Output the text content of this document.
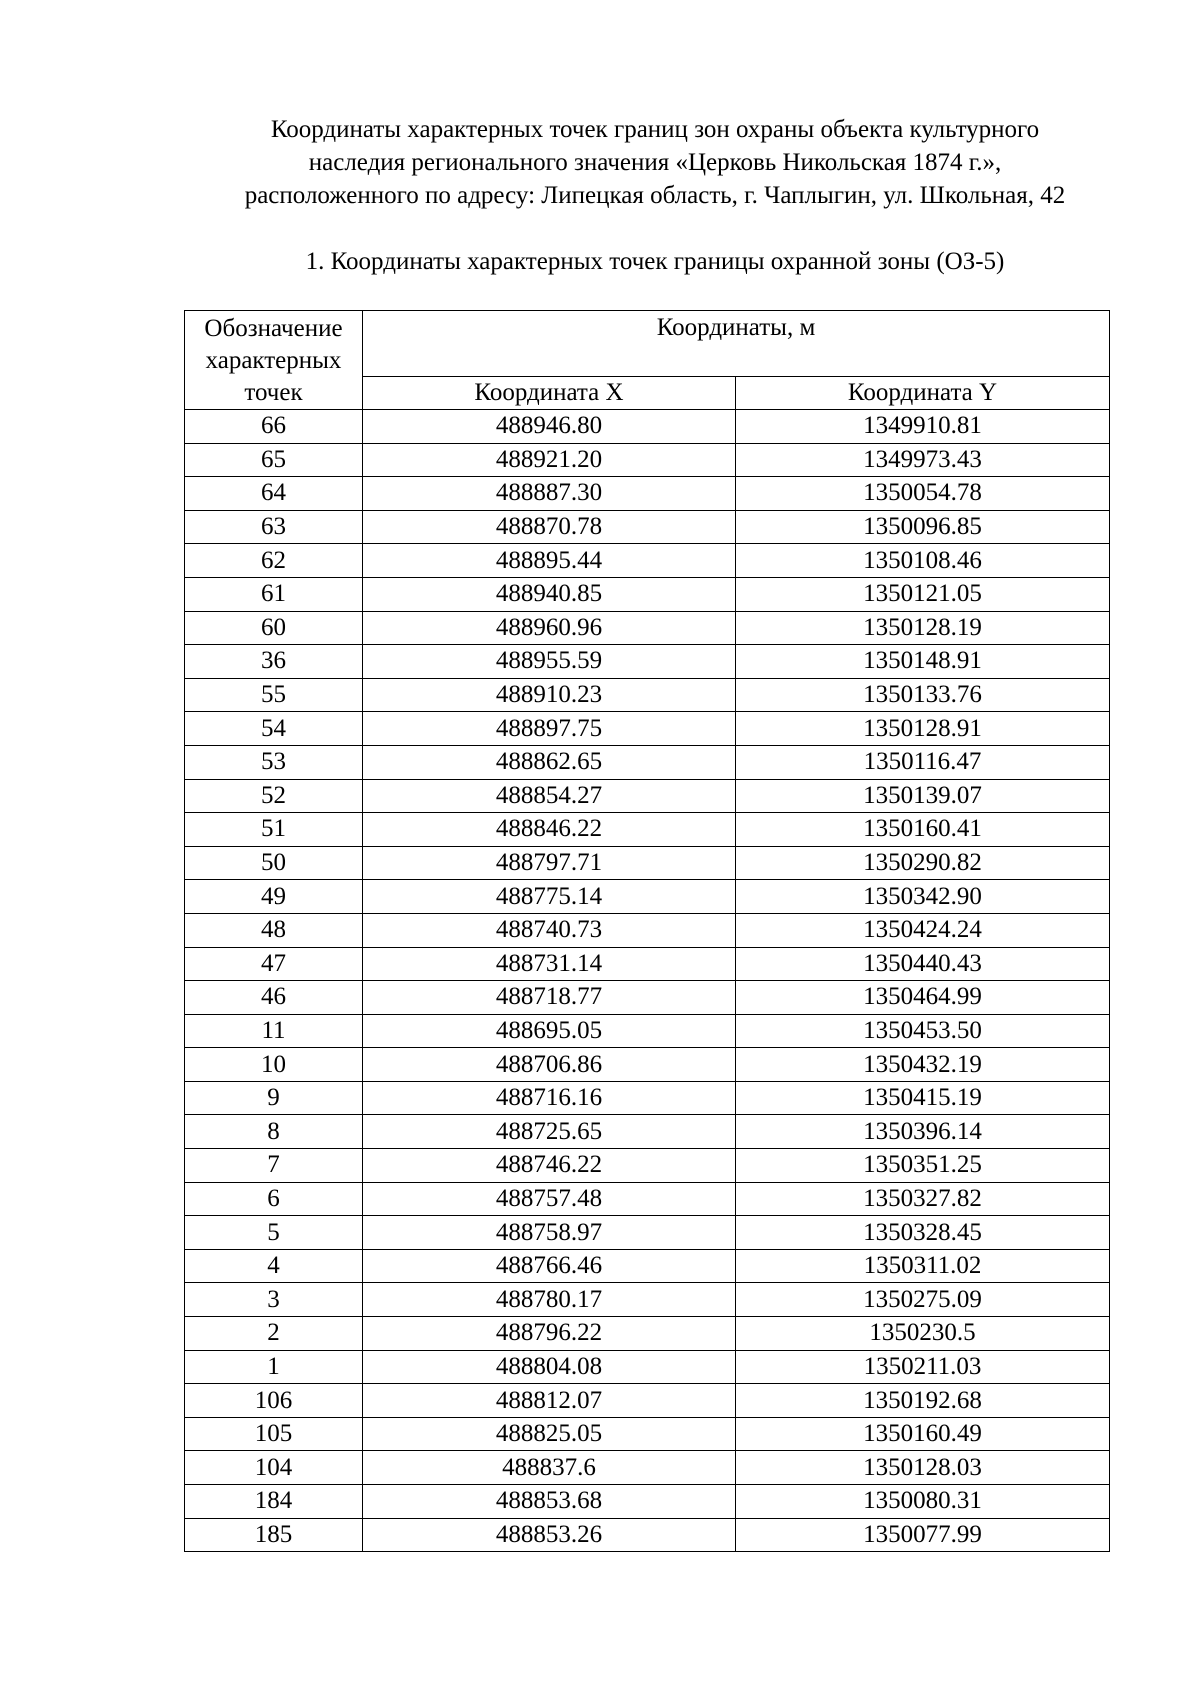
Координаты характерных точек границ зон охраны объекта культурного
наследия регионального значения «Церковь Никольская 1874 г.»,
расположенного по адресу: Липецкая область, г. Чаплыгин, ул. Школьная, 42
1. Координаты характерных точек границы охранной зоны (ОЗ-5)
Обозначение характерных точек	Координаты, м	
	Координата X	Координата Y
66	488946.80	1349910.81
65	488921.20	1349973.43
64	488887.30	1350054.78
63	488870.78	1350096.85
62	488895.44	1350108.46
61	488940.85	1350121.05
60	488960.96	1350128.19
36	488955.59	1350148.91
55	488910.23	1350133.76
54	488897.75	1350128.91
53	488862.65	1350116.47
52	488854.27	1350139.07
51	488846.22	1350160.41
50	488797.71	1350290.82
49	488775.14	1350342.90
48	488740.73	1350424.24
47	488731.14	1350440.43
46	488718.77	1350464.99
11	488695.05	1350453.50
10	488706.86	1350432.19
9	488716.16	1350415.19
8	488725.65	1350396.14
7	488746.22	1350351.25
6	488757.48	1350327.82
5	488758.97	1350328.45
4	488766.46	1350311.02
3	488780.17	1350275.09
2	488796.22	1350230.5
1	488804.08	1350211.03
106	488812.07	1350192.68
105	488825.05	1350160.49
104	488837.6	1350128.03
184	488853.68	1350080.31
185	488853.26	1350077.99
